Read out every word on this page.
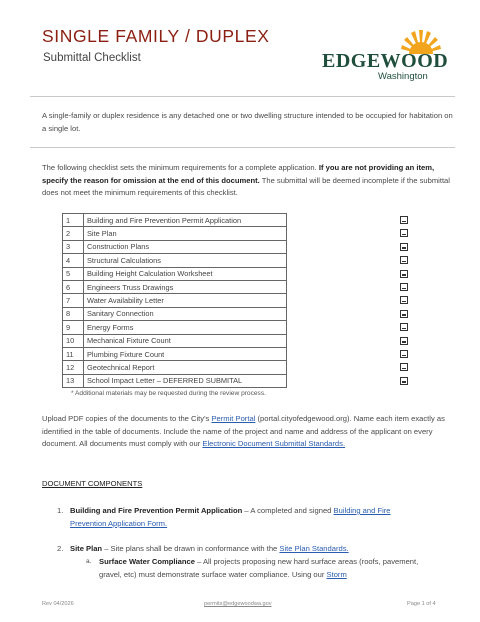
SINGLE FAMILY / DUPLEX
Submittal Checklist	EDGEWOOD
Washington
A single-family or duplex residence is any detached one or two dwelling structure intended to be occupied for habitation on a single lot.
The following checklist sets the minimum requirements for a complete application. If you are not providing an item, specify the reason for omission at the end of this document. The submittal will be deemed incomplete if the submittal does not meet the minimum requirements of this checklist.
1	Building and Fire Prevention Permit Application
2	Site Plan
3	Construction Plans
4	Structural Calculations
5	Building Height Calculation Worksheet
6	Engineers Truss Drawings
7	Water Availability Letter
8	Sanitary Connection
9	Energy Forms
10	Mechanical Fixture Count
11	Plumbing Fixture Count
12	Geotechnical Report
13	School Impact Letter – DEFERRED SUBMITAL
* Additional materials may be requested during the review process.
Upload PDF copies of the documents to the City's Permit Portal (portal.cityofedgewood.org). Name each item exactly as identified in the table of documents. Include the name of the project and name and address of the applicant on every document. All documents must comply with our Electronic Document Submittal Standards.
DOCUMENT COMPONENTS
1. Building and Fire Prevention Permit Application – A completed and signed Building and Fire Prevention Application Form.
2. Site Plan – Site plans shall be drawn in conformance with the Site Plan Standards.
a. Surface Water Compliance – All projects proposing new hard surface areas (roofs, pavement, gravel, etc) must demonstrate surface water compliance. Using our Storm
Rev 04/2026	permits@edgewoodwa.gov	Page 1 of 4
